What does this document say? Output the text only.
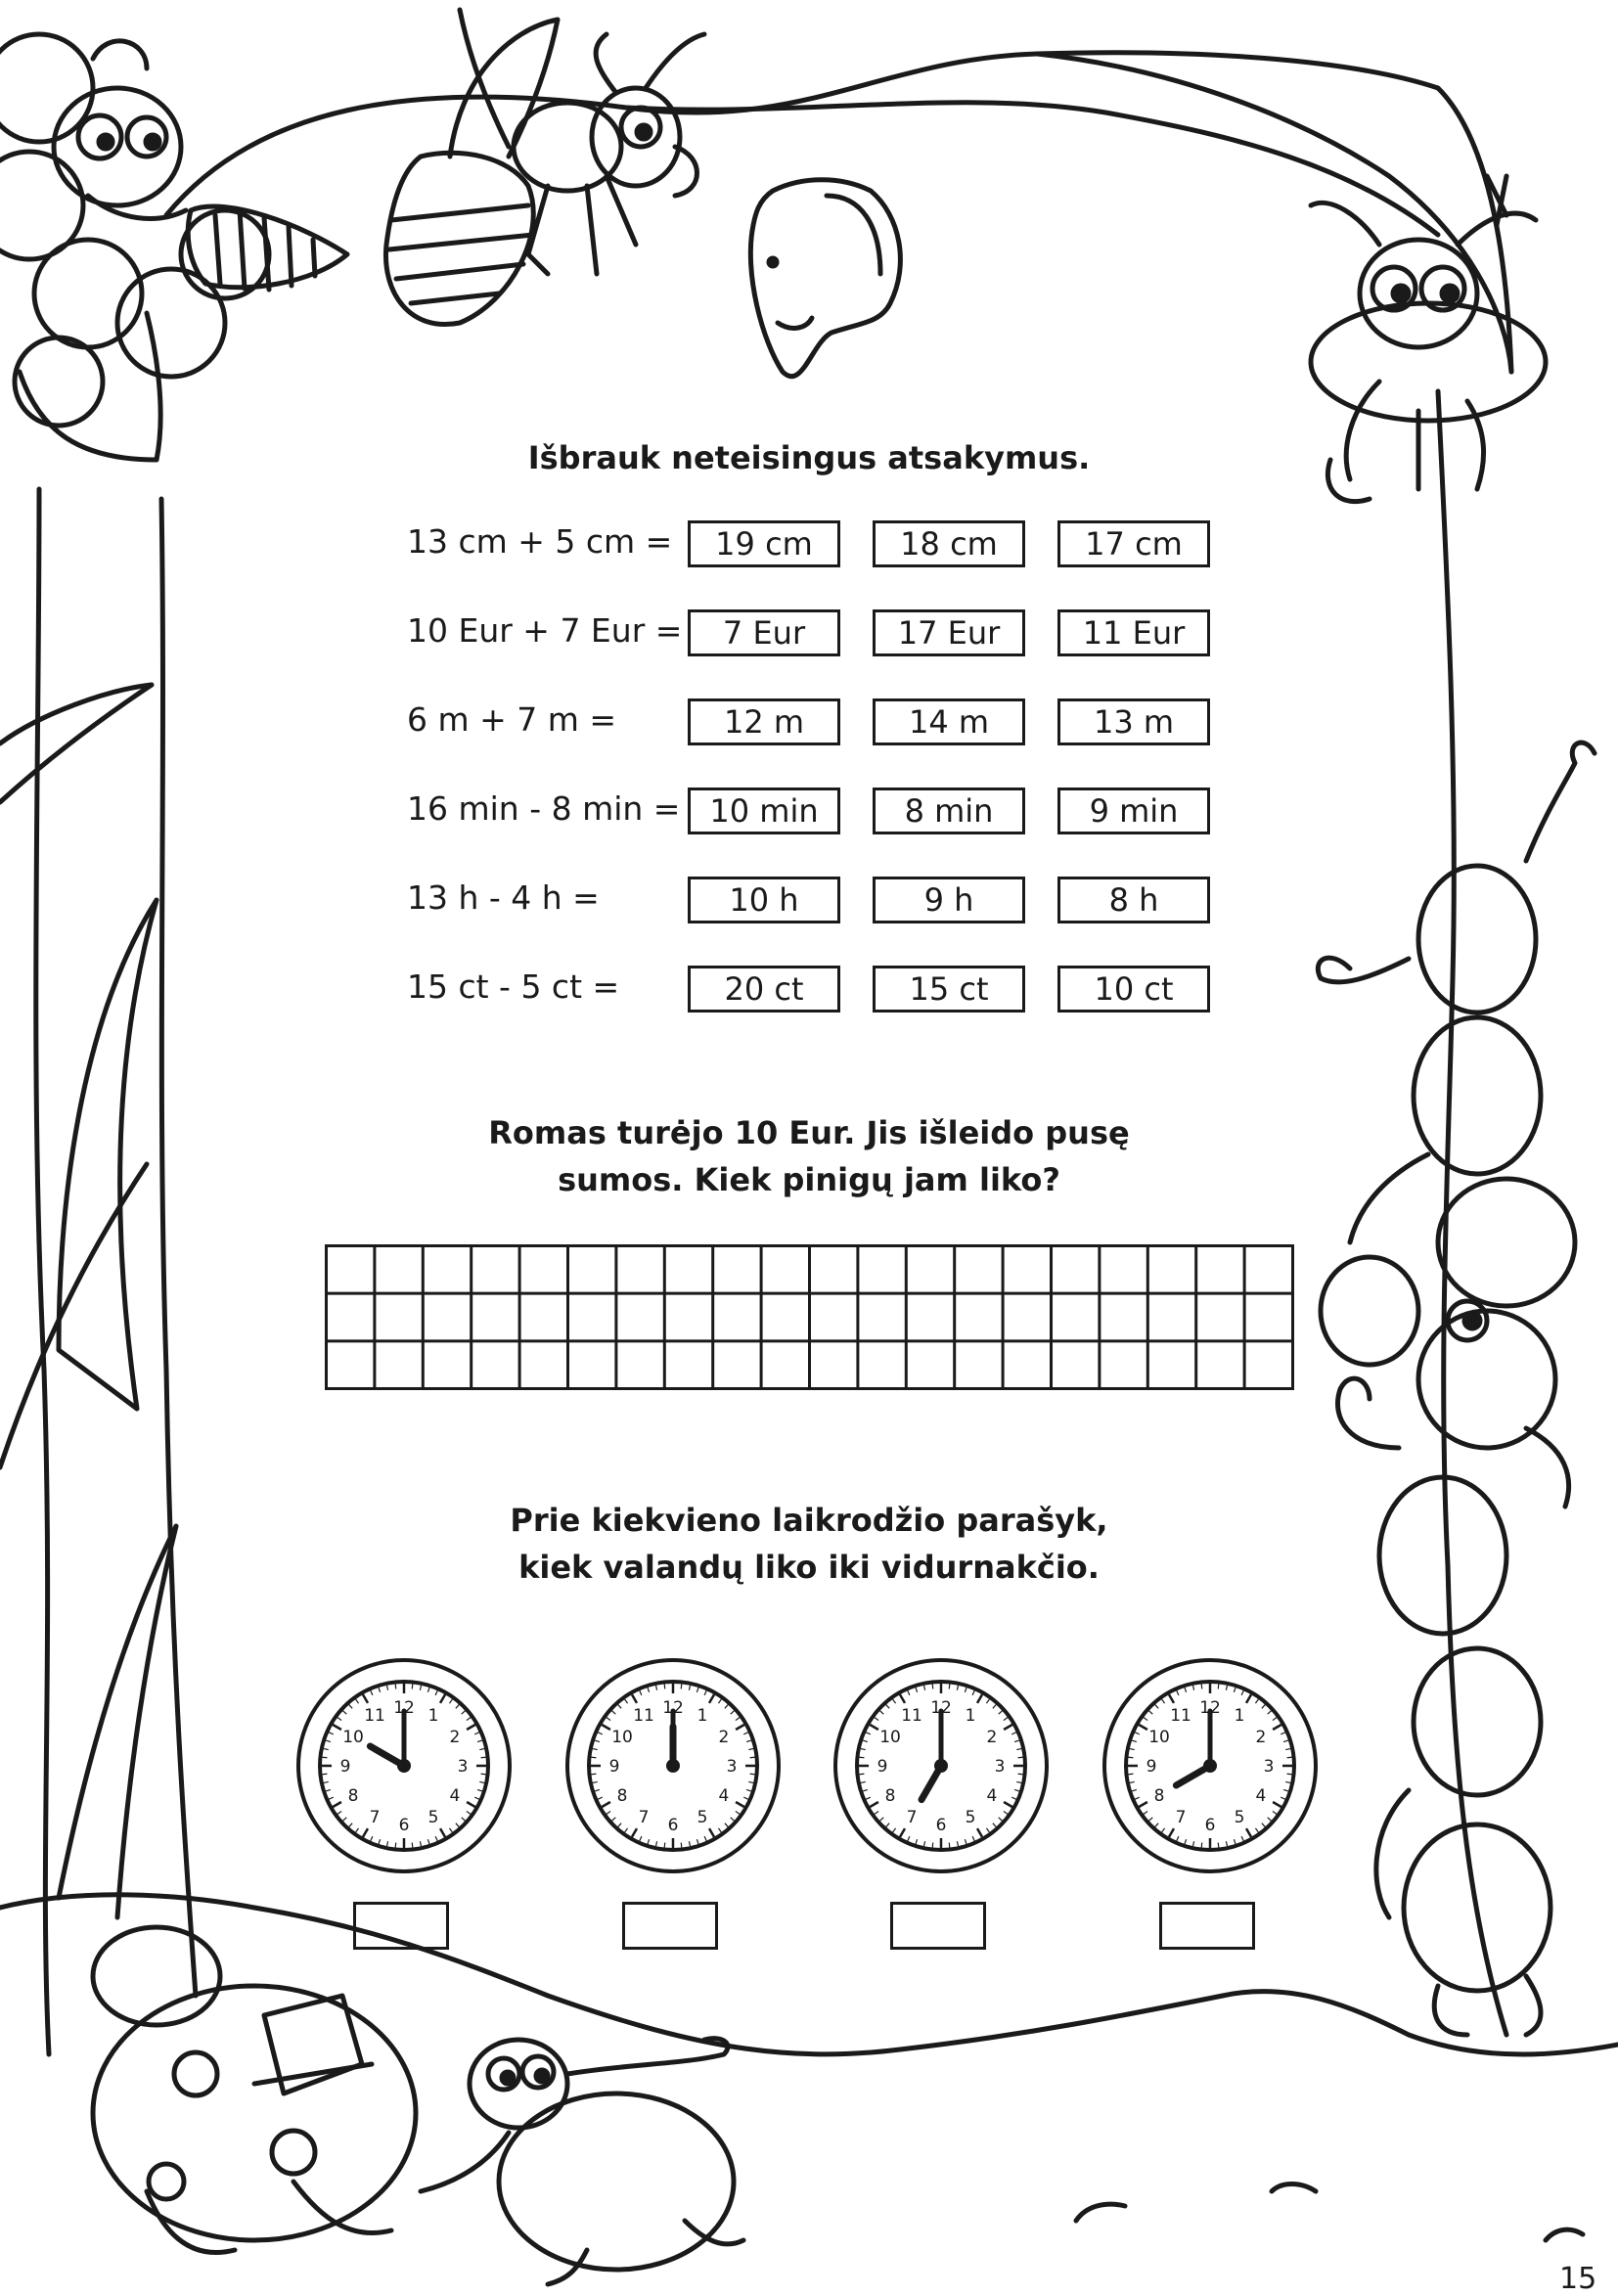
Išbrauk neteisingus atsakymus.
13 cm + 5 cm =	19 cm	18 cm	17 cm
10 Eur + 7 Eur =	7 Eur	17 Eur	11 Eur
6 m + 7 m =	12 m	14 m	13 m
16 min - 8 min = 10 min	8 min	9 min
13 h - 4 h =	10 h	9 h	8 h
15 ct - 5 ct =	20 ct	15 ct	10 ct
Romas turėjo 10 Eur. Jis išleido pusę
sumos. Kiek pinigų jam liko?
Prie kiekvieno laikrodžio parašyk,
kiek valandų liko iki vidurnakčio.
12 1
2
3
4
5
6
7
8
9
10
11	12 1
2
3
4
5
6
7
8
9
10
11	12 1
2
3
4
5
6
7
8
9
10
11	12 1
2
3
4
5
6
7
8
9
10
11
15
